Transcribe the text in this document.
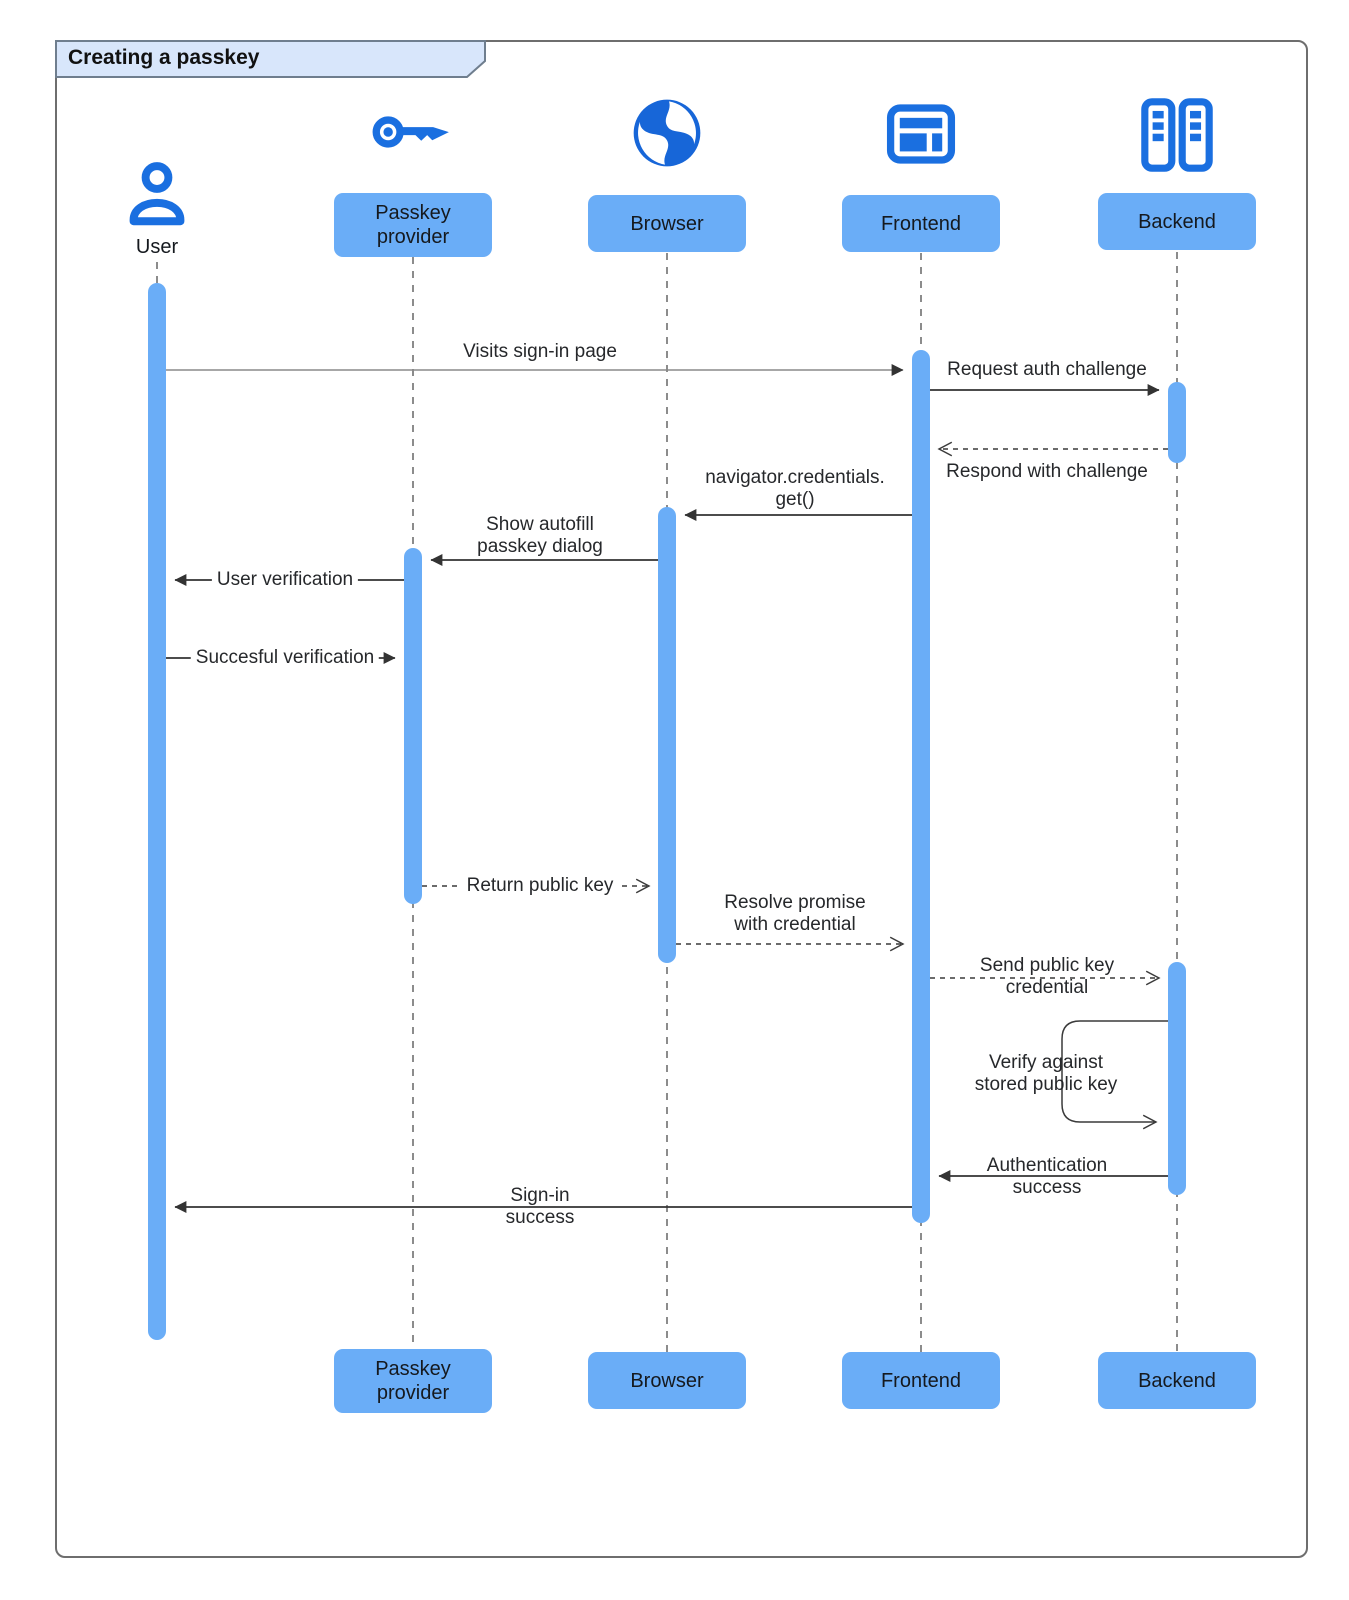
Creating a passkey
User
Passkey provider
Browser	Frontend	Backend
Visits sign-in page
Request auth challenge
Respond with challenge
navigator.credentials.
get()
Show autofill
passkey dialog
User verification
Succesful verification
Return public key
Resolve promise
with credential
Send public key
credential
Verify against
stored public key
Authentication
success
Sign-in
success
Passkey provider
Browser	Frontend	Backend
